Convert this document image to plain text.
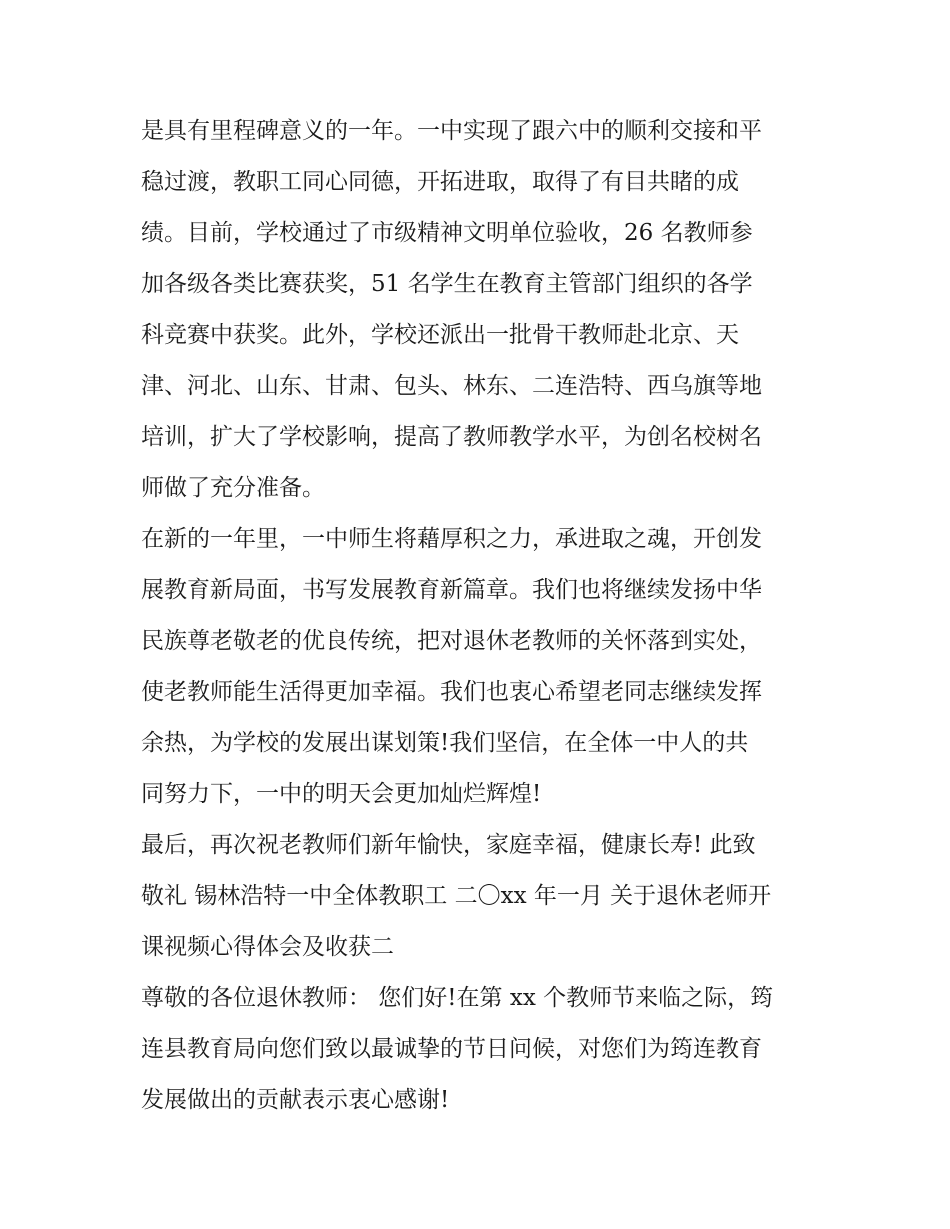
是具有里程碑意义的一年。一中实现了跟六中的顺利交接和平
稳过渡，教职工同心同德，开拓进取，取得了有目共睹的成
绩。目前，学校通过了市级精神文明单位验收，26 名教师参
加各级各类比赛获奖，51 名学生在教育主管部门组织的各学
科竞赛中获奖。此外，学校还派出一批骨干教师赴北京、天
津、河北、山东、甘肃、包头、林东、二连浩特、西乌旗等地
培训，扩大了学校影响，提高了教师教学水平，为创名校树名
师做了充分准备。

在新的一年里，一中师生将藉厚积之力，承进取之魂，开创发
展教育新局面，书写发展教育新篇章。我们也将继续发扬中华
民族尊老敬老的优良传统，把对退休老教师的关怀落到实处，
使老教师能生活得更加幸福。我们也衷心希望老同志继续发挥
余热，为学校的发展出谋划策!我们坚信，在全体一中人的共
同努力下，一中的明天会更加灿烂辉煌!

最后，再次祝老教师们新年愉快，家庭幸福，健康长寿! 此致
敬礼 锡林浩特一中全体教职工 二〇xx 年一月 关于退休老师开
课视频心得体会及收获二

尊敬的各位退休教师： 您们好!在第 xx 个教师节来临之际，筠
连县教育局向您们致以最诚挚的节日问候，对您们为筠连教育
发展做出的贡献表示衷心感谢!
